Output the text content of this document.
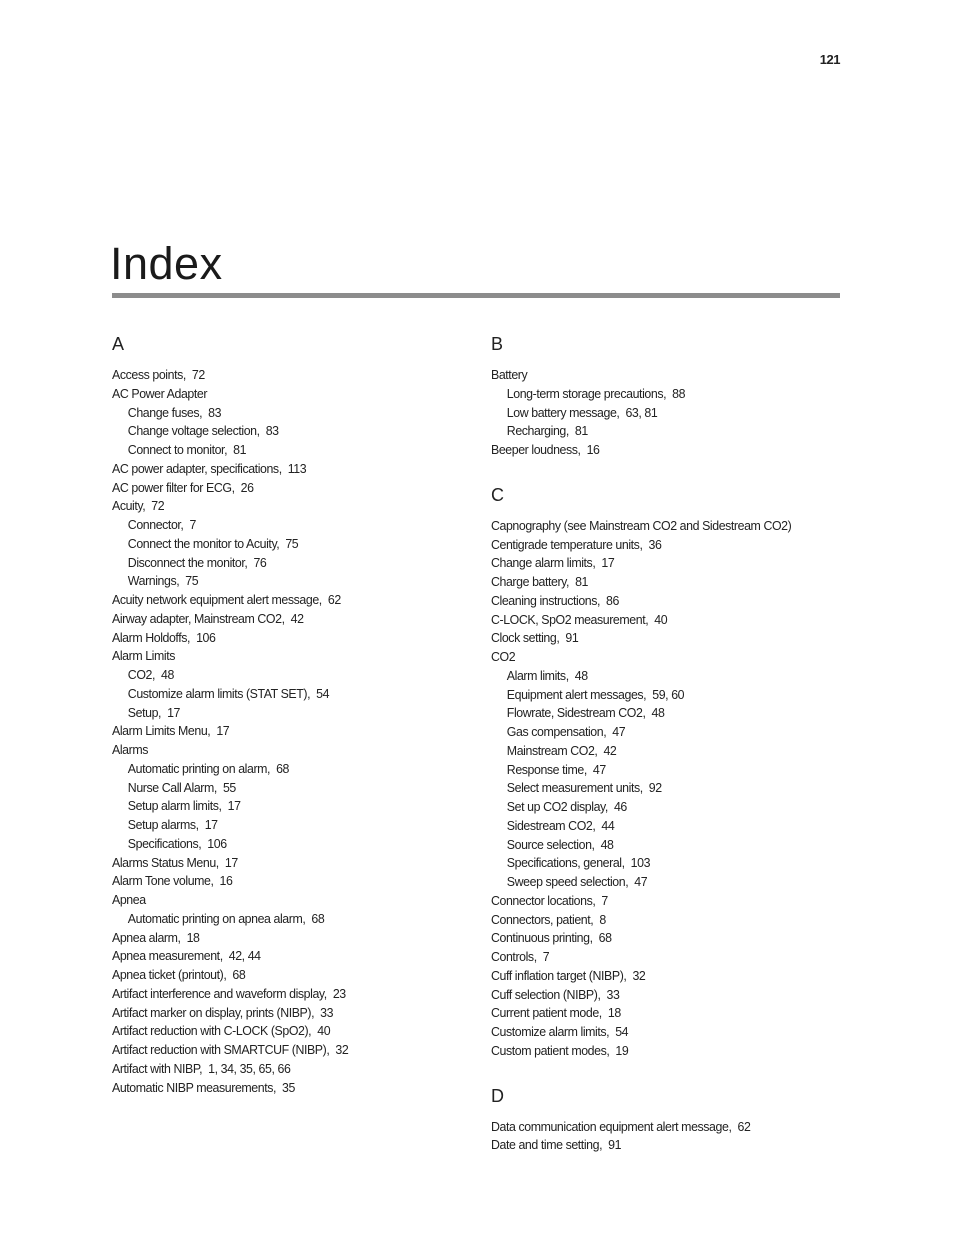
121
Index
A
Access points ,  72
AC Power Adapter
Change fuses ,  83
Change voltage selection ,  83
Connect to monitor ,  81
AC power adapter, specifications ,  113
AC power filter for ECG ,  26
Acuity ,  72
Connector ,  7
Connect the monitor to Acuity ,  75
Disconnect the monitor ,  76
Warnings ,  75
Acuity network equipment alert message ,  62
Airway adapter, Mainstream CO2 ,  42
Alarm Holdoffs ,  106
Alarm Limits
CO2 ,  48
Customize alarm limits (STAT SET) ,  54
Setup ,  17
Alarm Limits Menu ,  17
Alarms
Automatic printing on alarm ,  68
Nurse Call Alarm ,  55
Setup alarm limits ,  17
Setup alarms ,  17
Specifications ,  106
Alarms Status Menu ,  17
Alarm Tone volume ,  16
Apnea
Automatic printing on apnea alarm ,  68
Apnea alarm ,  18
Apnea measurement ,  42, 44
Apnea ticket (printout) ,  68
Artifact interference and waveform display ,  23
Artifact marker on display, prints (NIBP) ,  33
Artifact reduction with C-LOCK (SpO2) ,  40
Artifact reduction with SMARTCUF (NIBP) ,  32
Artifact with NIBP ,  1, 34, 35, 65, 66
Automatic NIBP measurements ,  35
B
Battery
Long-term storage precautions ,  88
Low battery message ,  63, 81
Recharging ,  81
Beeper loudness ,  16
C
Capnography (see Mainstream CO2 and Sidestream CO2)
Centigrade temperature units ,  36
Change alarm limits ,  17
Charge battery ,  81
Cleaning instructions ,  86
C-LOCK, SpO2 measurement ,  40
Clock setting ,  91
CO2
Alarm limits ,  48
Equipment alert messages ,  59, 60
Flowrate, Sidestream CO2 ,  48
Gas compensation ,  47
Mainstream CO2 ,  42
Response time ,  47
Select measurement units ,  92
Set up CO2 display ,  46
Sidestream CO2 ,  44
Source selection ,  48
Specifications, general ,  103
Sweep speed selection ,  47
Connector locations ,  7
Connectors, patient ,  8
Continuous printing ,  68
Controls ,  7
Cuff inflation target (NIBP) ,  32
Cuff selection (NIBP) ,  33
Current patient mode ,  18
Customize alarm limits ,  54
Custom patient modes ,  19
D
Data communication equipment alert message ,  62
Date and time setting ,  91
